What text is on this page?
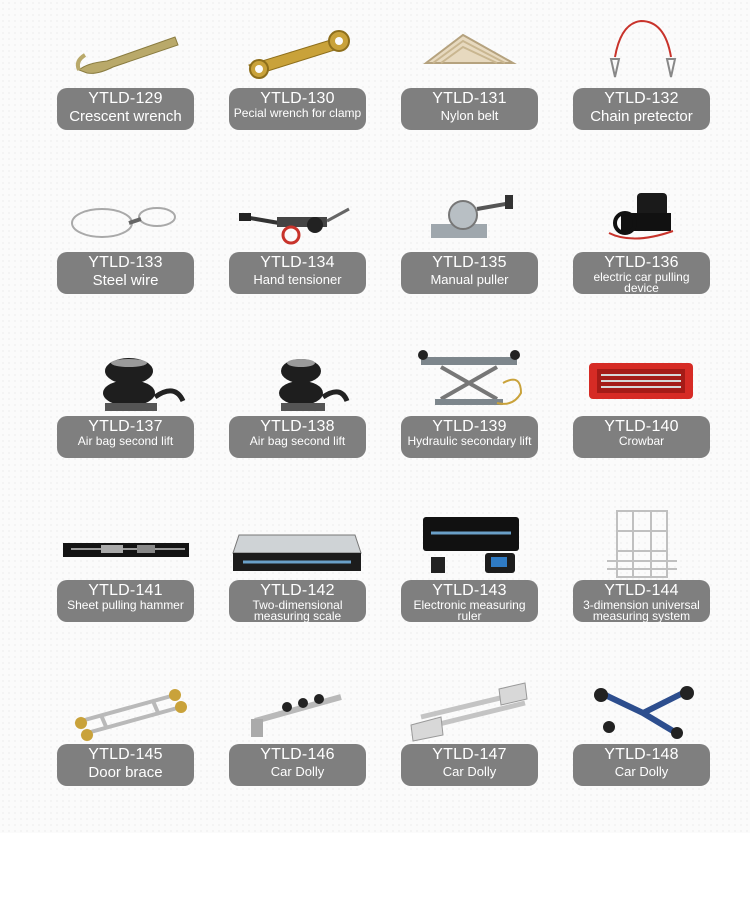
YTLD-129
Crescent wrench
YTLD-130
Pecial wrench for clamp
YTLD-131
Nylon belt
YTLD-132
Chain pretector
YTLD-133
Steel wire
YTLD-134
Hand tensioner
YTLD-135
Manual puller
YTLD-136
electric car pulling device
YTLD-137
Air bag second lift
YTLD-138
Air bag second lift
YTLD-139
Hydraulic secondary lift
YTLD-140
Crowbar
YTLD-141
Sheet pulling hammer
YTLD-142
Two-dimensional measuring scale
YTLD-143
Electronic measuring ruler
YTLD-144
3-dimension universal measuring system
YTLD-145
Door brace
YTLD-146
Car Dolly
YTLD-147
Car Dolly
YTLD-148
Car Dolly
